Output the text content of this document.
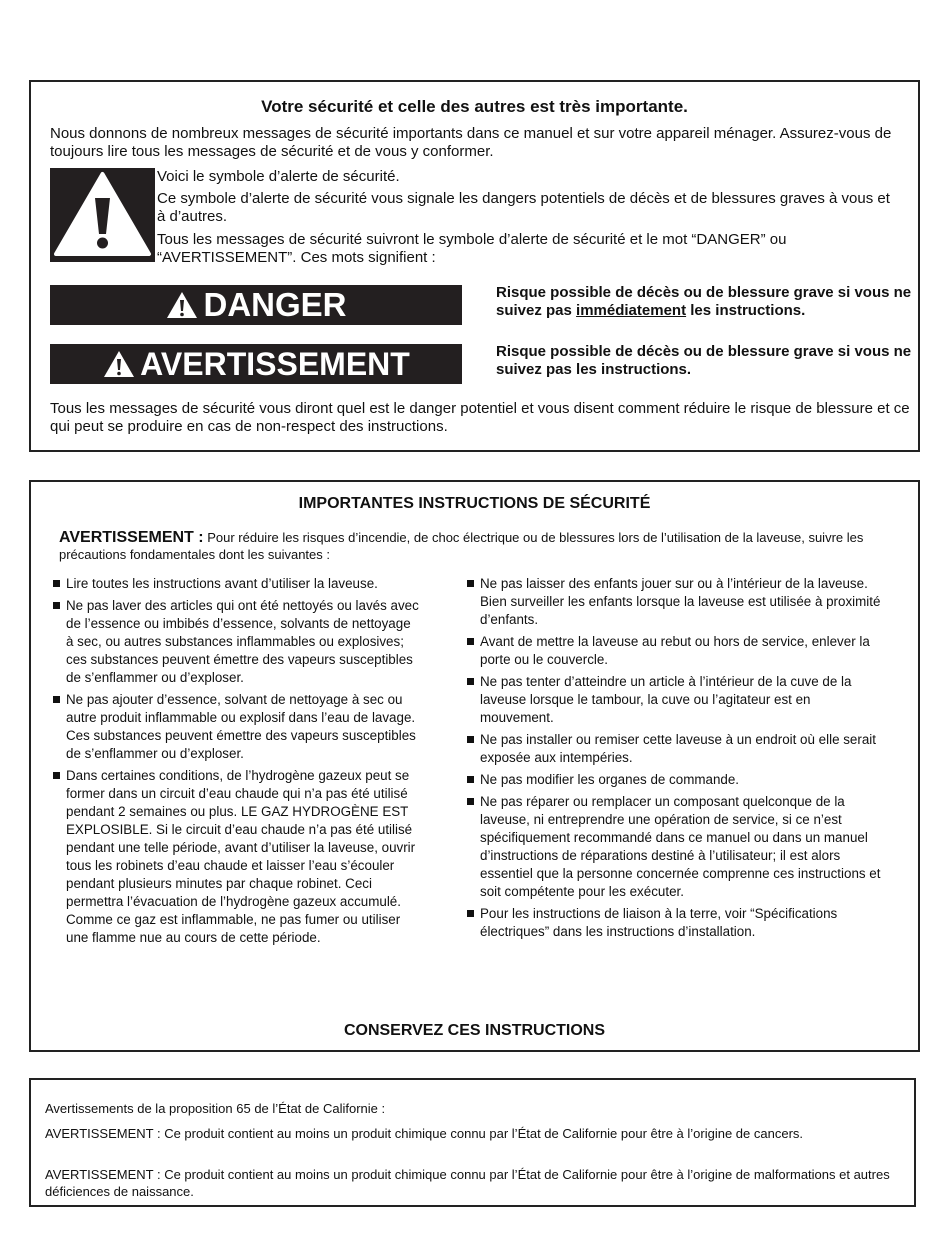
Votre sécurité et celle des autres est très importante.
Nous donnons de nombreux messages de sécurité importants dans ce manuel et sur votre appareil ménager. Assurez-vous de toujours lire tous les messages de sécurité et de vous y conformer.
Voici le symbole d’alerte de sécurité.
Ce symbole d’alerte de sécurité vous signale les dangers potentiels de décès et de blessures graves à vous et à d’autres.
Tous les messages de sécurité suivront le symbole d’alerte de sécurité et le mot “DANGER” ou “AVERTISSEMENT”. Ces mots signifient :
DANGER	Risque possible de décès ou de blessure grave si vous ne suivez pas immédiatement les instructions.
AVERTISSEMENT	Risque possible de décès ou de blessure grave si vous ne suivez pas les instructions.
Tous les messages de sécurité vous diront quel est le danger potentiel et vous disent comment réduire le risque de blessure et ce qui peut se produire en cas de non-respect des instructions.
IMPORTANTES INSTRUCTIONS DE SÉCURITÉ
AVERTISSEMENT : Pour réduire les risques d’incendie, de choc électrique ou de blessures lors de l’utilisation de la laveuse, suivre les précautions fondamentales dont les suivantes :
Lire toutes les instructions avant d’utiliser la laveuse.
Ne pas laver des articles qui ont été nettoyés ou lavés avec de l’essence ou imbibés d’essence, solvants de nettoyage à sec, ou autres substances inflammables ou explosives; ces substances peuvent émettre des vapeurs susceptibles de s’enflammer ou d’exploser.
Ne pas ajouter d’essence, solvant de nettoyage à sec ou autre produit inflammable ou explosif dans l’eau de lavage. Ces substances peuvent émettre des vapeurs susceptibles de s’enflammer ou d’exploser.
Dans certaines conditions, de l’hydrogène gazeux peut se former dans un circuit d’eau chaude qui n’a pas été utilisé pendant 2 semaines ou plus. LE GAZ HYDROGÈNE EST EXPLOSIBLE. Si le circuit d’eau chaude n’a pas été utilisé pendant une telle période, avant d’utiliser la laveuse, ouvrir tous les robinets d’eau chaude et laisser l’eau s’écouler pendant plusieurs minutes par chaque robinet. Ceci permettra l’évacuation de l’hydrogène gazeux accumulé. Comme ce gaz est inflammable, ne pas fumer ou utiliser une flamme nue au cours de cette période.
Ne pas laisser des enfants jouer sur ou à l’intérieur de la laveuse. Bien surveiller les enfants lorsque la laveuse est utilisée à proximité d’enfants.
Avant de mettre la laveuse au rebut ou hors de service, enlever la porte ou le couvercle.
Ne pas tenter d’atteindre un article à l’intérieur de la cuve de la laveuse lorsque le tambour, la cuve ou l’agitateur est en mouvement.
Ne pas installer ou remiser cette laveuse à un endroit où elle serait exposée aux intempéries.
Ne pas modifier les organes de commande.
Ne pas réparer ou remplacer un composant quelconque de la laveuse, ni entreprendre une opération de service, si ce n’est spécifiquement recommandé dans ce manuel ou dans un manuel d’instructions de réparations destiné à l’utilisateur; il est alors essentiel que la personne concernée comprenne ces instructions et soit compétente pour les exécuter.
Pour les instructions de liaison à la terre, voir “Spécifications électriques” dans les instructions d’installation.
CONSERVEZ CES INSTRUCTIONS
Avertissements de la proposition 65 de l’État de Californie :
AVERTISSEMENT : Ce produit contient au moins un produit chimique connu par l’État de Californie pour être à l’origine de cancers.
AVERTISSEMENT : Ce produit contient au moins un produit chimique connu par l’État de Californie pour être à l’origine de malformations et autres déficiences de naissance.
